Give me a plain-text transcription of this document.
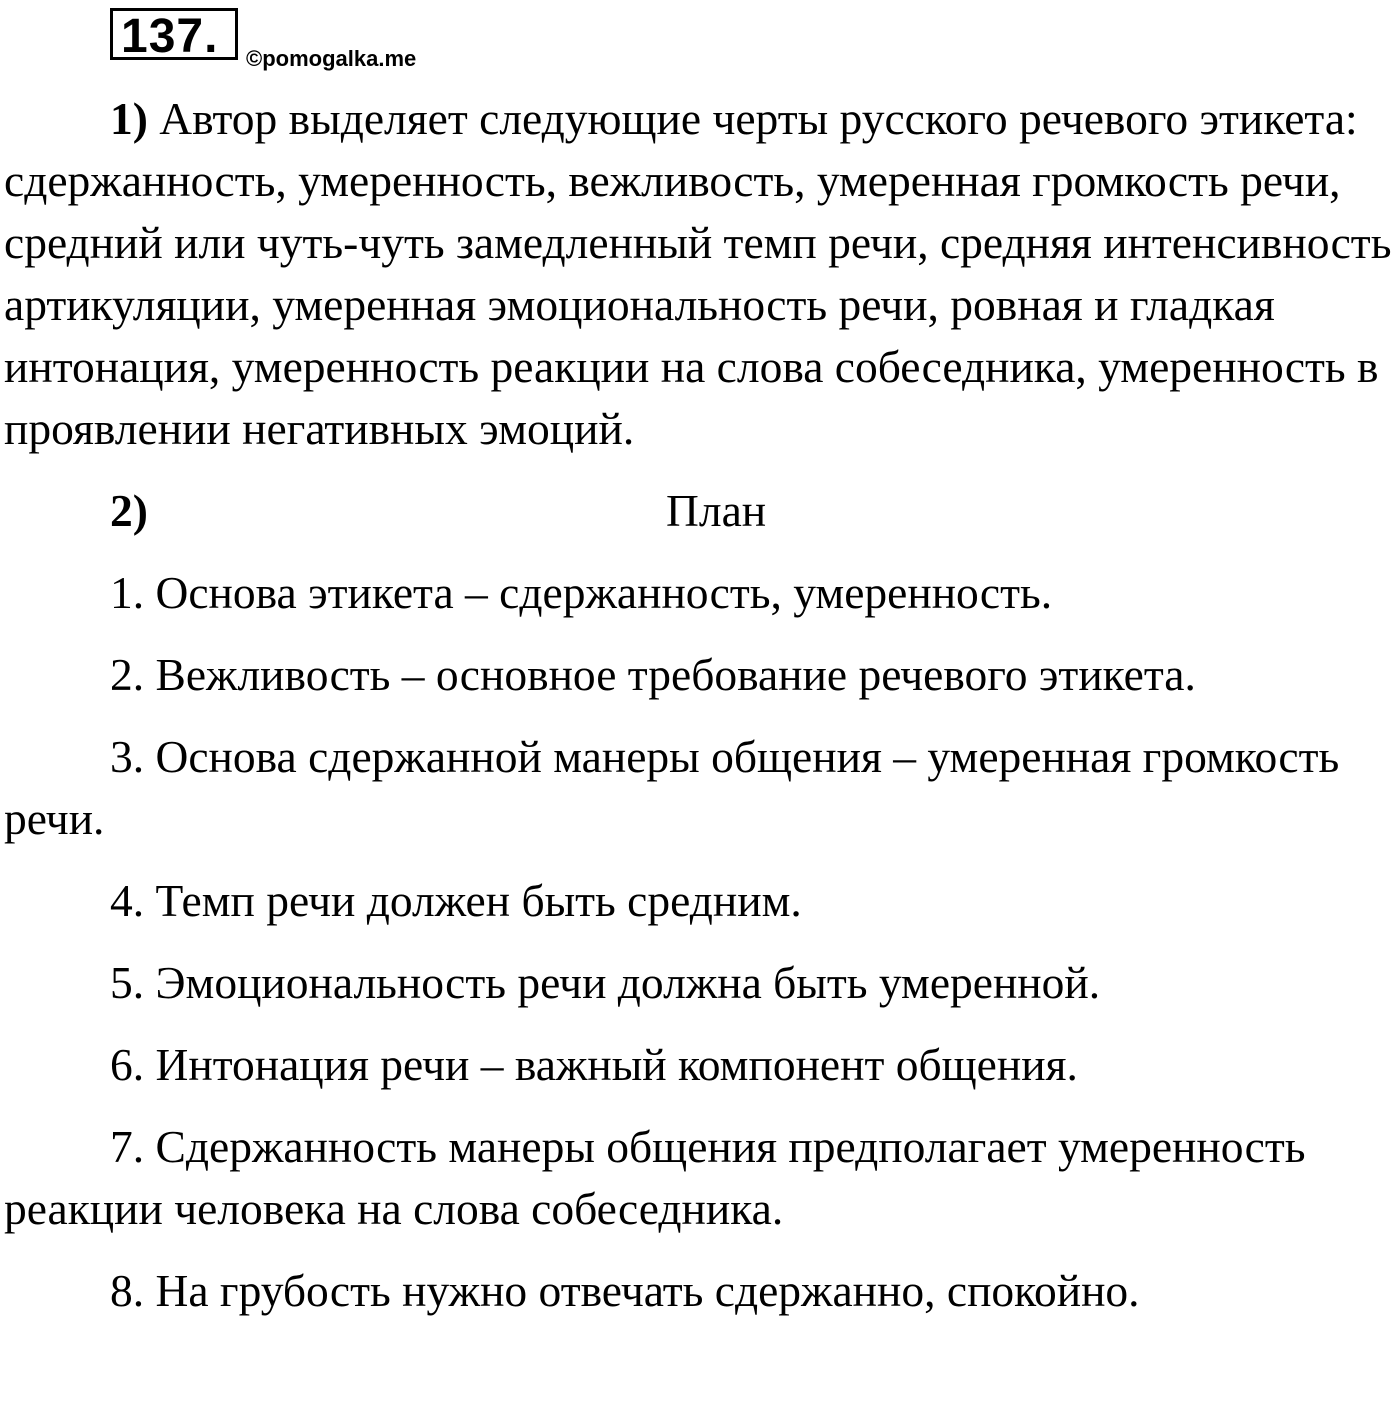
137.	©pomogalka.me

1) Автор выделяет следующие черты русского речевого этикета: сдержанность, умеренность, вежливость, умеренная громкость речи, средний или чуть-чуть замедленный темп речи, средняя интенсивность артикуляции, умеренная эмоциональность речи, ровная и гладкая интонация, умеренность реакции на слова собеседника, умеренность в проявлении негативных эмоций.

2)	План
1. Основа этикета – сдержанность, умеренность.
2. Вежливость – основное требование речевого этикета.
3. Основа сдержанной манеры общения – умеренная громкость речи.
4. Темп речи должен быть средним.
5. Эмоциональность речи должна быть умеренной.
6. Интонация речи – важный компонент общения.
7. Сдержанность манеры общения предполагает умеренность реакции человека на слова собеседника.
8. На грубость нужно отвечать сдержанно, спокойно.
